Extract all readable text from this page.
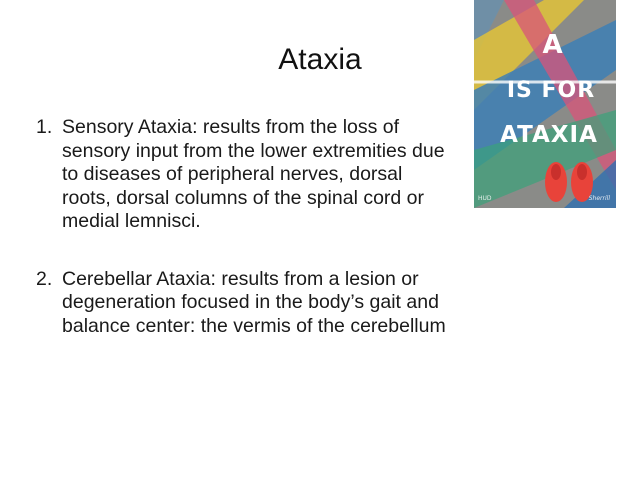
Ataxia

1. Sensory Ataxia: results from the loss of sensory input from the lower extremities due to diseases of peripheral nerves, dorsal roots, dorsal columns of the spinal cord or medial lemnisci.

2. Cerebellar Ataxia: results from a lesion or degeneration focused in the body’s gait and balance center: the vermis of the cerebellum

A
IS FOR
ATAXIA
HUD	Sherrill
